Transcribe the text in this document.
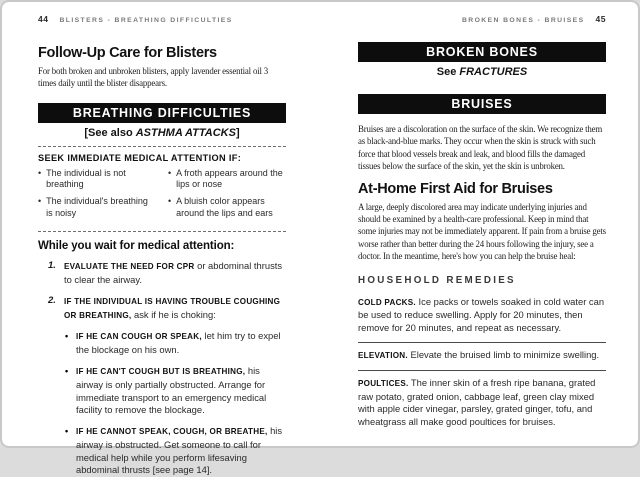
44 BLISTERS - BREATHING DIFFICULTIES
Follow-Up Care for Blisters
For both broken and unbroken blisters, apply lavender essential oil 3 times daily until the blister disappears.
BREATHING DIFFICULTIES
[See also ASTHMA ATTACKS]
SEEK IMMEDIATE MEDICAL ATTENTION IF:
• The individual is not breathing
• The individual's breathing is noisy
• A froth appears around the lips or nose
• A bluish color appears around the lips and ears
While you wait for medical attention:
1. EVALUATE THE NEED FOR CPR or abdominal thrusts to clear the airway.
2. IF THE INDIVIDUAL IS HAVING TROUBLE COUGHING OR BREATHING, ask if he is choking:
• IF HE CAN COUGH OR SPEAK, let him try to expel the blockage on his own.
• IF HE CAN'T COUGH BUT IS BREATHING, his airway is only partially obstructed. Arrange for immediate transport to an emergency medical facility to remove the blockage.
• IF HE CANNOT SPEAK, COUGH, OR BREATHE, his airway is obstructed. Get someone to call for medical help while you perform lifesaving abdominal thrusts [see page 14].
BROKEN BONES - BRUISES 45
BROKEN BONES
See FRACTURES
BRUISES
Bruises are a discoloration on the surface of the skin. We recognize them as black-and-blue marks. They occur when the skin is struck with such force that blood vessels break and leak, and blood fills the damaged tissues below the surface of the skin, yet the skin is unbroken.
At-Home First Aid for Bruises
A large, deeply discolored area may indicate underlying injuries and should be examined by a health-care professional. Keep in mind that some injuries may not be immediately apparent. If pain from a bruise gets worse rather than better during the 24 hours following the injury, see a doctor. In the meantime, here's how you can help the bruise heal:
HOUSEHOLD REMEDIES
COLD PACKS. Ice packs or towels soaked in cold water can be used to reduce swelling. Apply for 20 minutes, then remove for 20 minutes, and repeat as necessary.
ELEVATION. Elevate the bruised limb to minimize swelling.
POULTICES. The inner skin of a fresh ripe banana, grated raw potato, grated onion, cabbage leaf, green clay mixed with apple cider vinegar, parsley, grated ginger, tofu, and wheatgrass all make good poultices for bruises.
